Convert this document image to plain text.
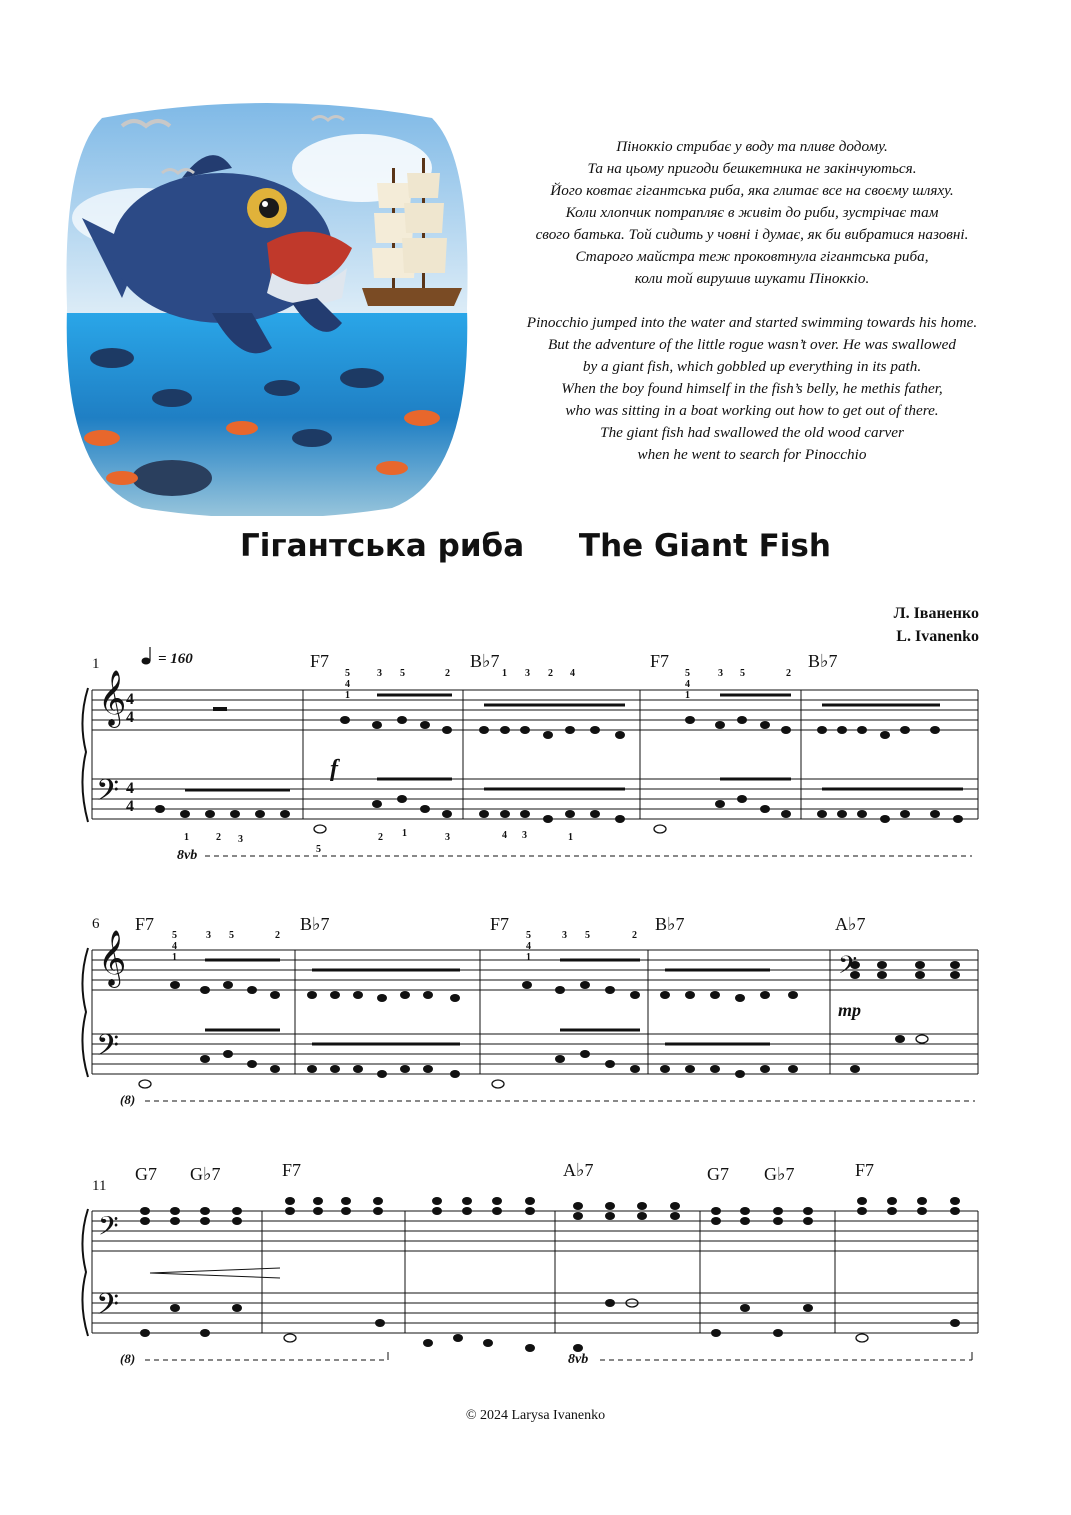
Піноккіо стрибає у воду та пливе додому.

Та на цьому пригоди бешкетника не закінчуються.

Його ковтає гігантська риба, яка глитає все на своєму шляху.

Коли хлопчик потрапляє в живіт до риби, зустрічає там

свого батька. Той сидить у човні і думає, як би вибратися назовні.

Старого майстра теж проковтнула гігантська риба,

коли той вирушив шукати Піноккіо.

Pinocchio jumped into the water and started swimming towards his home.

But the adventure of the little rogue wasn’t over. He was swallowed

by a giant fish, which gobbled up everything in its path.

When the boy found himself in the fish’s belly, he methis father,

who was sitting in a boat working out how to get out of there.

The giant fish had swallowed the old wood carver

when he went to search for Pinocchio

Гігантська риба The Giant Fish
Л. Іваненко
L. Ivanenko
1	= 160
𝄞
𝄢
4
4
4
4
f
8vb
F7	B♭7	F7	B♭7
5
4
1
3 5	2	1 3 2 4	5
4
1
3 5	2
1	2 3
5
2 1	3	4 3	1
6
𝄞
𝄢
𝄢
mp
(8)
F7	B♭7	F7	B♭7	A♭7
5
4
1
3 5	2	5
4
1
3 5	2
11
𝄢
𝄢
(8)	8vb
G7 G♭7	F7	A♭7	G7 G♭7	F7
© 2024 Larysa Ivanenko
